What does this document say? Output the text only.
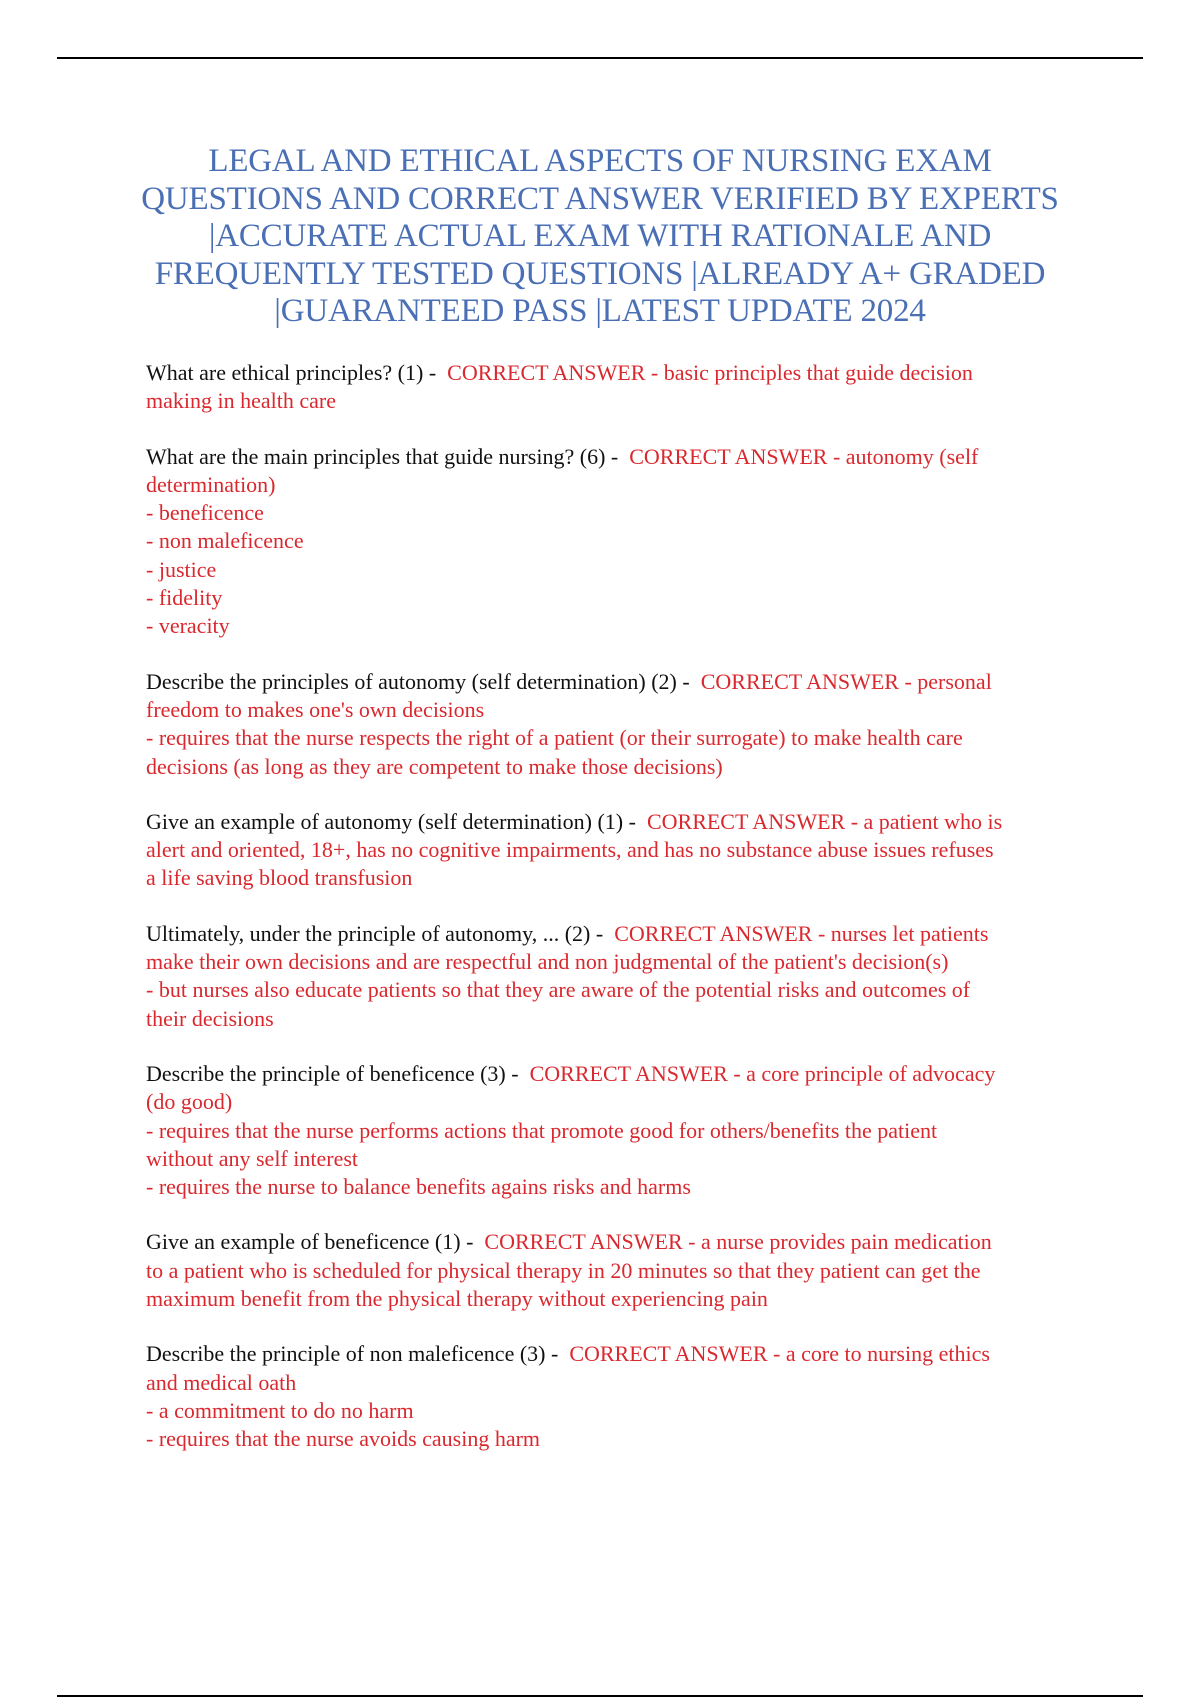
LEGAL AND ETHICAL ASPECTS OF NURSING EXAM
QUESTIONS AND CORRECT ANSWER VERIFIED BY EXPERTS
|ACCURATE ACTUAL EXAM WITH RATIONALE AND
FREQUENTLY TESTED QUESTIONS |ALREADY A+ GRADED
|GUARANTEED PASS |LATEST UPDATE 2024
What are ethical principles? (1) -  CORRECT ANSWER - basic principles that guide decision
making in health care
What are the main principles that guide nursing? (6) -  CORRECT ANSWER - autonomy (self
determination)
- beneficence
- non maleficence
- justice
- fidelity
- veracity
Describe the principles of autonomy (self determination) (2) -  CORRECT ANSWER - personal
freedom to makes one's own decisions
- requires that the nurse respects the right of a patient (or their surrogate) to make health care
decisions (as long as they are competent to make those decisions)
Give an example of autonomy (self determination) (1) -  CORRECT ANSWER - a patient who is
alert and oriented, 18+, has no cognitive impairments, and has no substance abuse issues refuses
a life saving blood transfusion
Ultimately, under the principle of autonomy, ... (2) -  CORRECT ANSWER - nurses let patients
make their own decisions and are respectful and non judgmental of the patient's decision(s)
- but nurses also educate patients so that they are aware of the potential risks and outcomes of
their decisions
Describe the principle of beneficence (3) -  CORRECT ANSWER - a core principle of advocacy
(do good)
- requires that the nurse performs actions that promote good for others/benefits the patient
without any self interest
- requires the nurse to balance benefits agains risks and harms
Give an example of beneficence (1) -  CORRECT ANSWER - a nurse provides pain medication
to a patient who is scheduled for physical therapy in 20 minutes so that they patient can get the
maximum benefit from the physical therapy without experiencing pain
Describe the principle of non maleficence (3) -  CORRECT ANSWER - a core to nursing ethics
and medical oath
- a commitment to do no harm
- requires that the nurse avoids causing harm
